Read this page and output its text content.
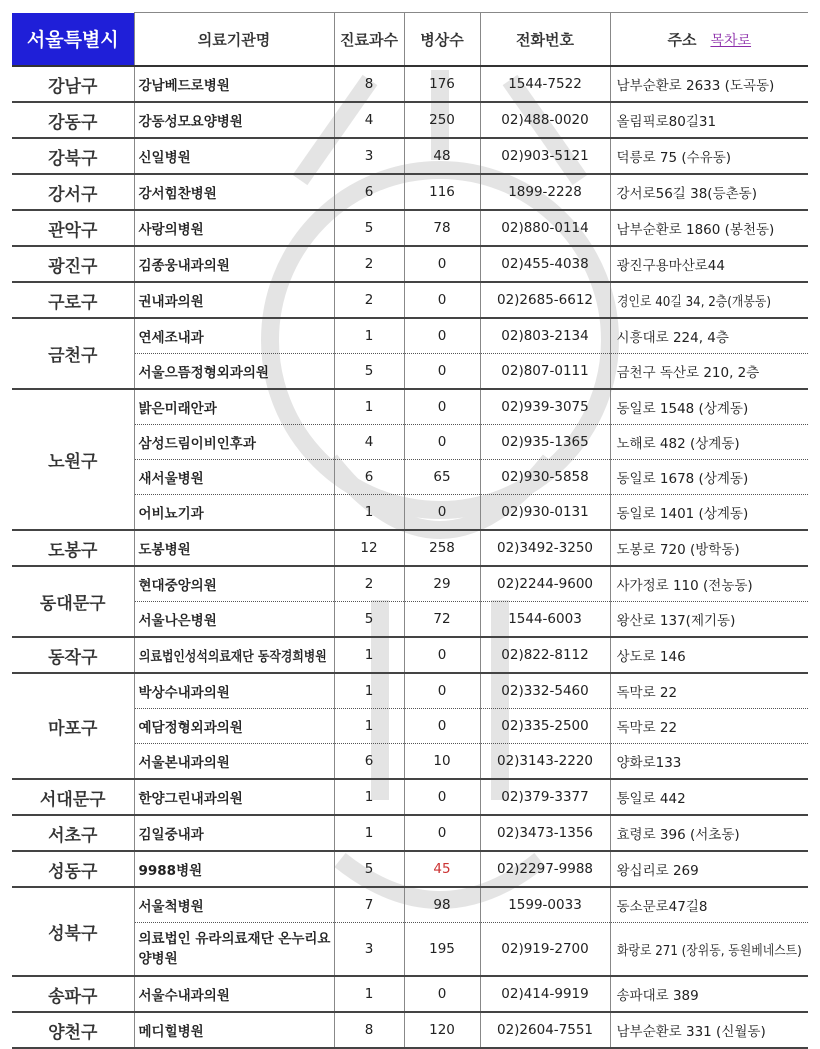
서울특별시	의료기관명	진료과수	병상수	전화번호	주소 목차로
강남구	강남베드로병원	8	176	1544-7522	남부순환로 2633 (도곡동)
강동구	강동성모요양병원	4	250	02)488-0020	올림픽로80길31
강북구	신일병원	3	48	02)903-5121	덕릉로 75 (수유동)
강서구	강서힘찬병원	6	116	1899-2228	강서로56길 38(등촌동)
관악구	사랑의병원	5	78	02)880-0114	남부순환로 1860 (봉천동)
광진구	김종웅내과의원	2	0	02)455-4038	광진구용마산로44
구로구	권내과의원	2	0	02)2685-6612	경인로 40길 34, 2층(개봉동)
금천구	연세조내과	1	0	02)803-2134	시흥대로 224, 4층
	서울으뜸정형외과의원	5	0	02)807-0111	금천구 독산로 210, 2층
노원구	밝은미래안과	1	0	02)939-3075	동일로 1548 (상계동)
	삼성드림이비인후과	4	0	02)935-1365	노해로 482 (상계동)
	새서울병원	6	65	02)930-5858	동일로 1678 (상계동)
	어비뇨기과	1	0	02)930-0131	동일로 1401 (상계동)
도봉구	도봉병원	12	258	02)3492-3250	도봉로 720 (방학동)
동대문구	현대중앙의원	2	29	02)2244-9600	사가정로 110 (전농동)
	서울나은병원	5	72	1544-6003	왕산로 137(제기동)
동작구	의료법인성석의료재단 동작경희병원	1	0	02)822-8112	상도로 146
마포구	박상수내과의원	1	0	02)332-5460	독막로 22
	예담정형외과의원	1	0	02)335-2500	독막로 22
	서울본내과의원	6	10	02)3143-2220	양화로133
서대문구	한양그린내과의원	1	0	02)379-3377	통일로 442
서초구	김일중내과	1	0	02)3473-1356	효령로 396 (서초동)
성동구	9988병원	5	45	02)2297-9988	왕십리로 269
성북구	서울척병원	7	98	1599-0033	동소문로47길8
	의료법인 유라의료재단 온누리요양병원	3	195	02)919-2700	화랑로 271 (장위동, 동원베네스트)
송파구	서울수내과의원	1	0	02)414-9919	송파대로 389
양천구	메디힐병원	8	120	02)2604-7551	남부순환로 331 (신월동)
